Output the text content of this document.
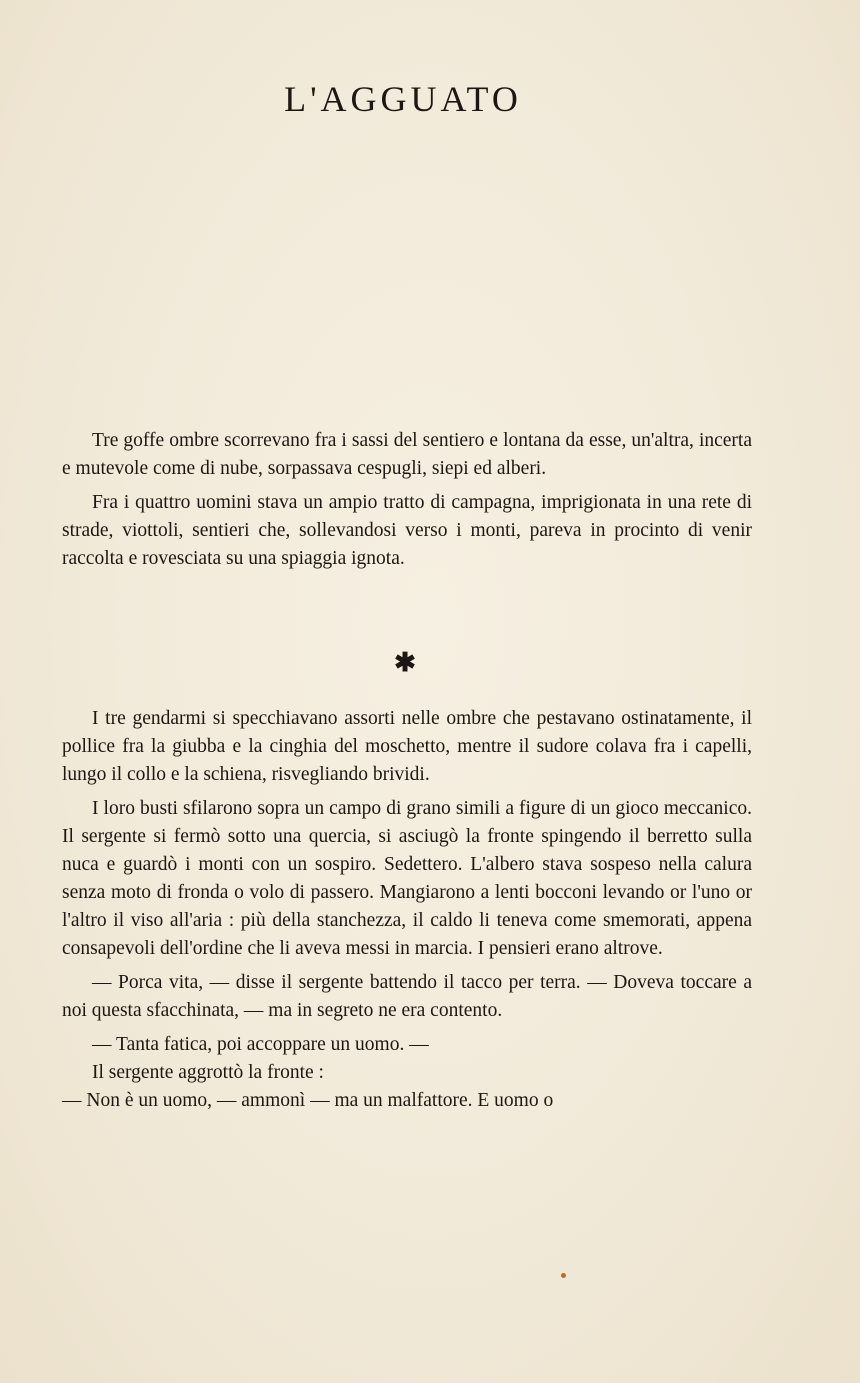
L'AGGUATO

Tre goffe ombre scorrevano fra i sassi del sentiero e lontana da esse, un'altra, incerta e mutevole come di nube, sorpassava cespugli, siepi ed alberi.

Fra i quattro uomini stava un ampio tratto di campagna, imprigionata in una rete di strade, viottoli, sentieri che, sollevandosi verso i monti, pareva in procinto di venir raccolta e rovesciata su una spiaggia ignota.

✱

I tre gendarmi si specchiavano assorti nelle ombre che pestavano ostinatamente, il pollice fra la giubba e la cinghia del moschetto, mentre il sudore colava fra i capelli, lungo il collo e la schiena, risvegliando brividi.

I loro busti sfilarono sopra un campo di grano simili a figure di un gioco meccanico. Il sergente si fermò sotto una quercia, si asciugò la fronte spingendo il berretto sulla nuca e guardò i monti con un sospiro. Sedettero. L'albero stava sospeso nella calura senza moto di fronda o volo di passero. Mangiarono a lenti bocconi levando or l'uno or l'altro il viso all'aria : più della stanchezza, il caldo li teneva come smemorati, appena consapevoli dell'ordine che li aveva messi in marcia. I pensieri erano altrove.

— Porca vita, — disse il sergente battendo il tacco per terra. — Doveva toccare a noi questa sfacchinata, — ma in segreto ne era contento.

— Tanta fatica, poi accoppare un uomo. —

Il sergente aggrottò la fronte :

— Non è un uomo, — ammonì — ma un malfattore. E uomo o
